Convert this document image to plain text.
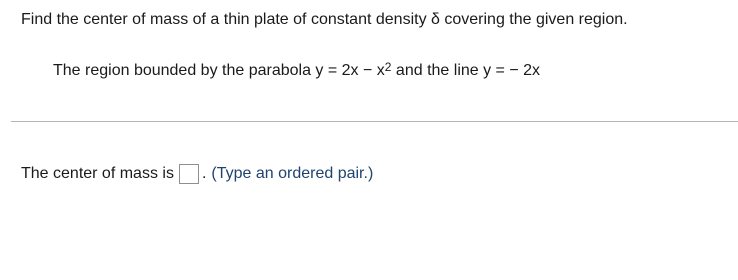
Find the center of mass of a thin plate of constant density δ covering the given region.
The region bounded by the parabola $y = 2x - x^2$ and the line y = − 2x
The center of mass is . (Type an ordered pair.)
